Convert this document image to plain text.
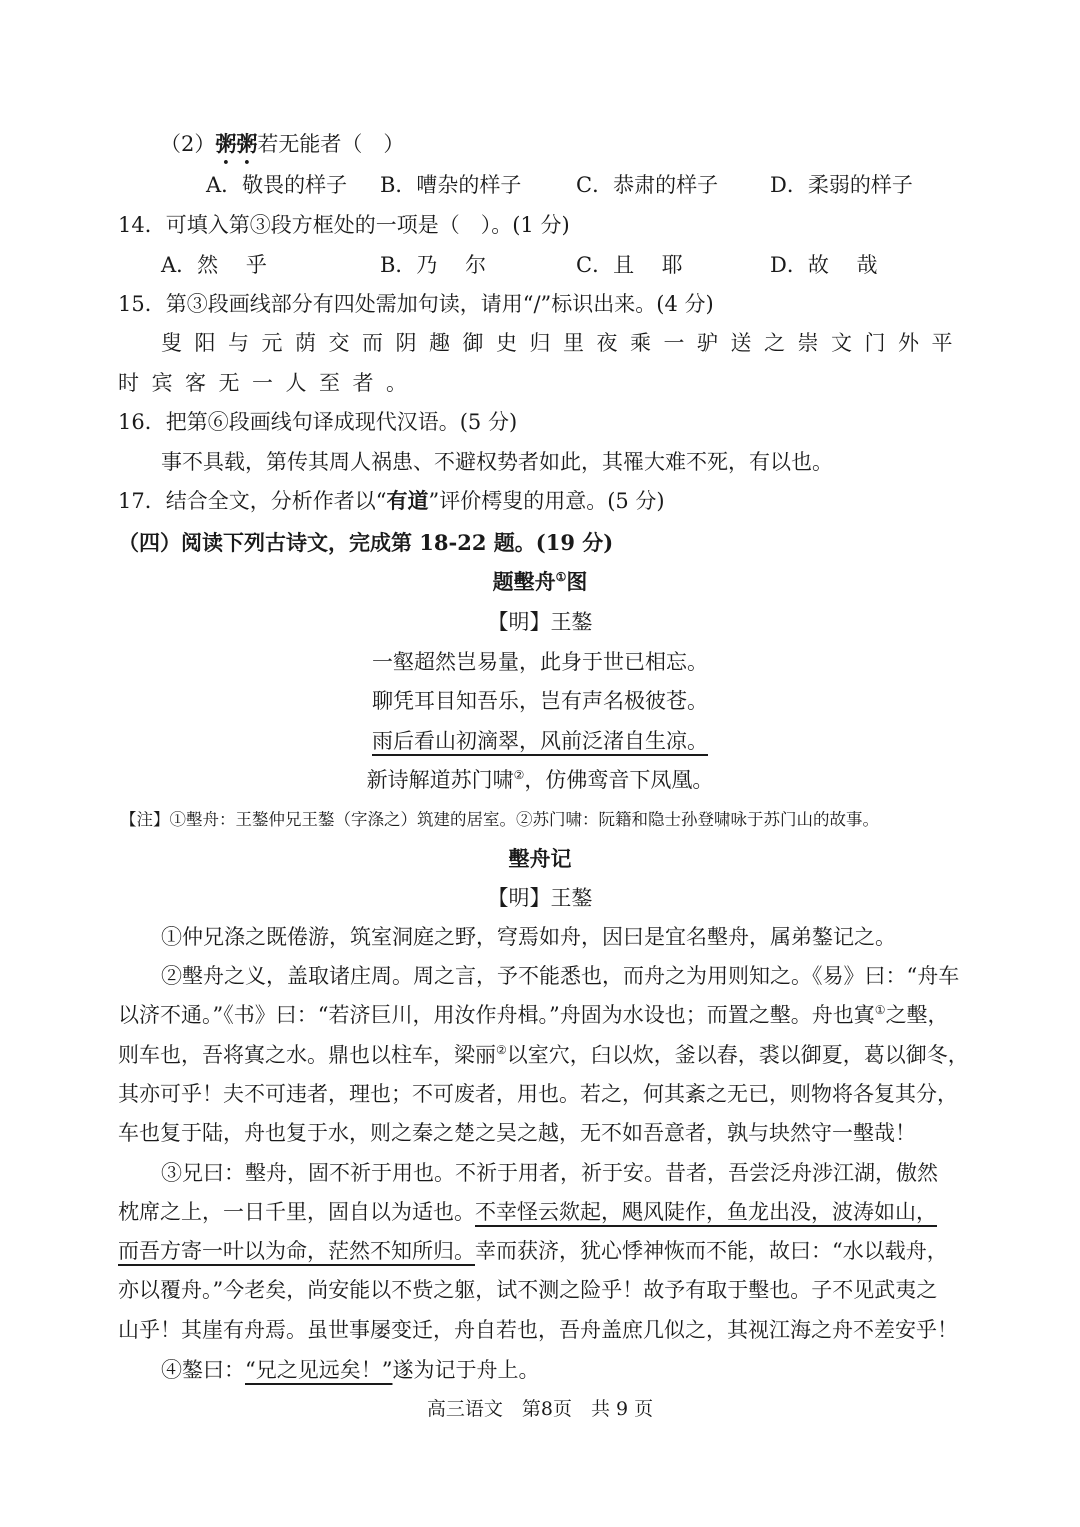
（2）粥粥若无能者（　）
A．敬畏的样子 B．嘈杂的样子	C．恭肃的样子 D．柔弱的样子
14．可填入第③段方框处的一项是（　）。(1 分)
A．然　 乎	B．乃　 尔	C．且　 耶	D．故　 哉
15．第③段画线部分有四处需加句读，请用“/”标识出来。(4 分)
叟阳与元荫交而阴趣御史归里夜乘一驴送之崇文门外平
时宾客无一人至者。
16．把第⑥段画线句译成现代汉语。(5 分)
事不具载，第传其周人祸患、不避权势者如此，其罹大难不死，有以也。
17．结合全文，分析作者以“有道”评价樗叟的用意。(5 分)
（四）阅读下列古诗文，完成第 18-22 题。(19 分)
题墼舟①图
【明】王鏊
一壑超然岂易量，此身于世已相忘。
聊凭耳目知吾乐，岂有声名极彼苍。
雨后看山初滴翠，风前泛渚自生凉。
新诗解道苏门啸②，仿佛鸾音下凤凰。
【注】①墼舟：王鏊仲兄王鏊（字涤之）筑建的居室。②苏门啸：阮籍和隐士孙登啸咏于苏门山的故事。
墼舟记
【明】王鏊
①仲兄涤之既倦游，筑室洞庭之野，穹焉如舟，因曰是宜名墼舟，属弟鏊记之。
②墼舟之义，盖取诸庄周。周之言，予不能悉也，而舟之为用则知之。《易》曰：“舟车
以济不通。”《书》曰：“若济巨川，用汝作舟楫。”舟固为水设也；而置之墼。舟也寘①之墼，
则车也，吾将寘之水。鼎也以柱车，梁丽②以室穴，臼以炊，釜以舂，裘以御夏，葛以御冬，
其亦可乎！夫不可违者，理也；不可废者，用也。若之，何其紊之无已，则物将各复其分，
车也复于陆，舟也复于水，则之秦之楚之吴之越，无不如吾意者，孰与块然守一墼哉！
③兄曰：墼舟，固不祈于用也。不祈于用者，祈于安。昔者，吾尝泛舟涉江湖，傲然
枕席之上，一日千里，固自以为适也。不幸怪云欻起，飓风陡作，鱼龙出没，波涛如山，
而吾方寄一叶以为命，茫然不知所归。幸而获济，犹心悸神恢而不能，故曰：“水以载舟，
亦以覆舟。”今老矣，尚安能以不赀之躯，试不测之险乎！故予有取于墼也。子不见武夷之
山乎！其崖有舟焉。虽世事屡变迁，舟自若也，吾舟盖庶几似之，其视江海之舟不差安乎！
④鏊曰：“兄之见远矣！”遂为记于舟上。
高三语文　第8页　共 9 页
